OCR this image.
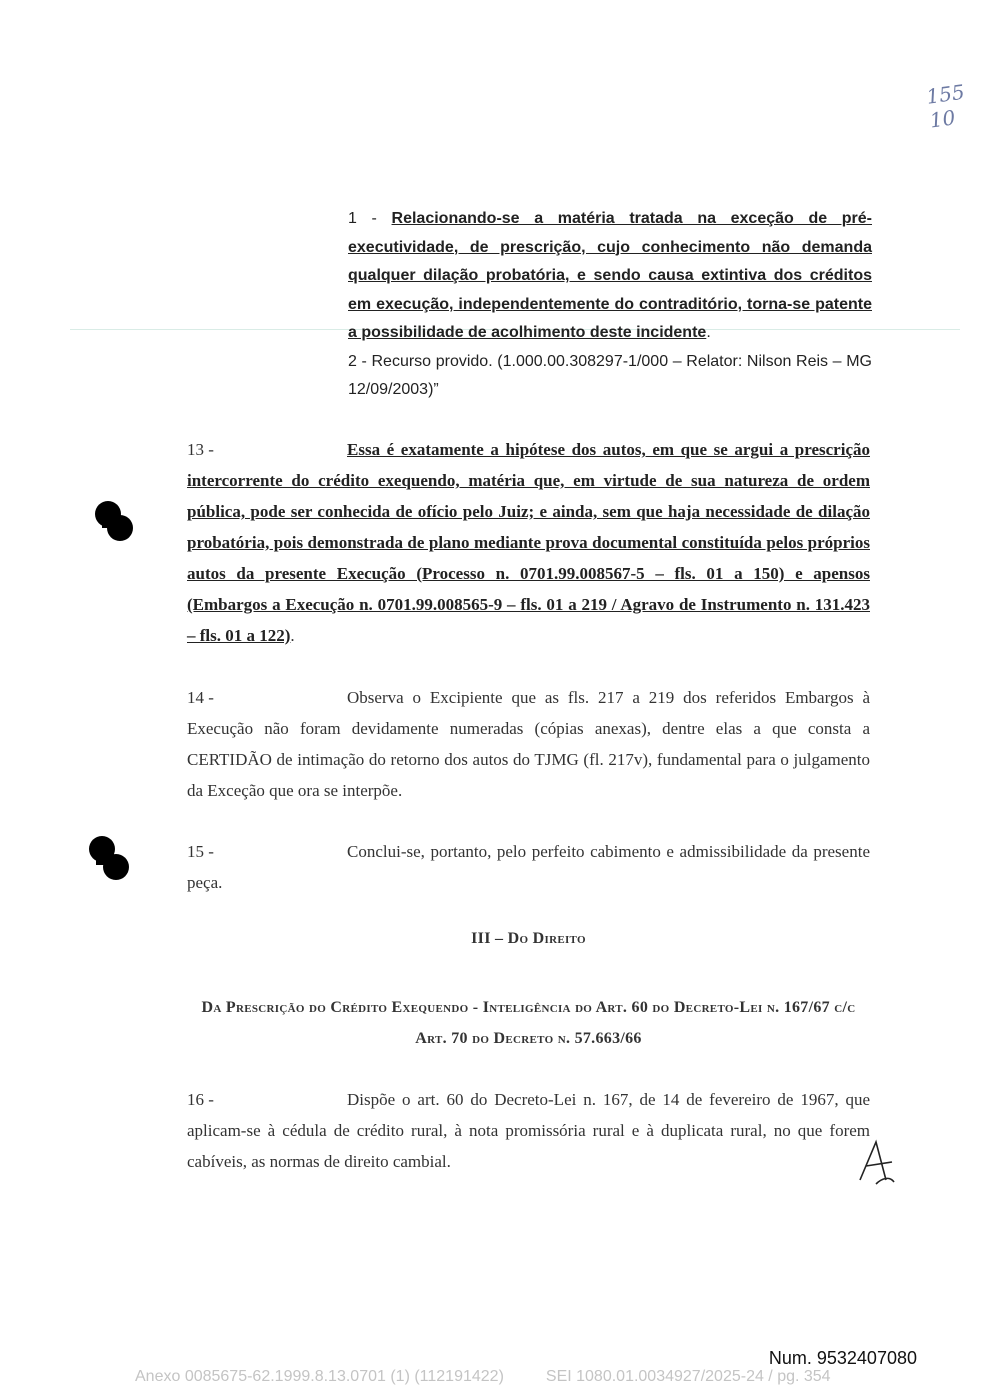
155
10
1 - Relacionando-se a matéria tratada na exceção de pré-executividade, de prescrição, cujo conhecimento não demanda qualquer dilação probatória, e sendo causa extintiva dos créditos em execução, independentemente do contraditório, torna-se patente a possibilidade de acolhimento deste incidente.
2 - Recurso provido. (1.000.00.308297-1/000 – Relator: Nilson Reis – MG 12/09/2003)”
13 -	Essa é exatamente a hipótese dos autos, em que se argui a prescrição intercorrente do crédito exequendo, matéria que, em virtude de sua natureza de ordem pública, pode ser conhecida de ofício pelo Juiz; e ainda, sem que haja necessidade de dilação probatória, pois demonstrada de plano mediante prova documental constituída pelos próprios autos da presente Execução (Processo n. 0701.99.008567-5 – fls. 01 a 150) e apensos (Embargos a Execução n. 0701.99.008565-9 – fls. 01 a 219 / Agravo de Instrumento n. 131.423 – fls. 01 a 122).
14 -	Observa o Excipiente que as fls. 217 a 219 dos referidos Embargos à Execução não foram devidamente numeradas (cópias anexas), dentre elas a que consta a CERTIDÃO de intimação do retorno dos autos do TJMG (fl. 217v), fundamental para o julgamento da Exceção que ora se interpõe.
15 -	Conclui-se, portanto, pelo perfeito cabimento e admissibilidade da presente peça.
III – Do Direito
Da Prescrição do Crédito Exequendo - Inteligência do Art. 60 do Decreto-Lei n. 167/67 c/c Art. 70 do Decreto n. 57.663/66
16 -	Dispõe o art. 60 do Decreto-Lei n. 167, de 14 de fevereiro de 1967, que aplicam-se à cédula de crédito rural, à nota promissória rural e à duplicata rural, no que forem cabíveis, as normas de direito cambial.
Num. 9532407080
Anexo 0085675-62.1999.8.13.0701 (1) (112191422)	SEI 1080.01.0034927/2025-24 / pg. 354
